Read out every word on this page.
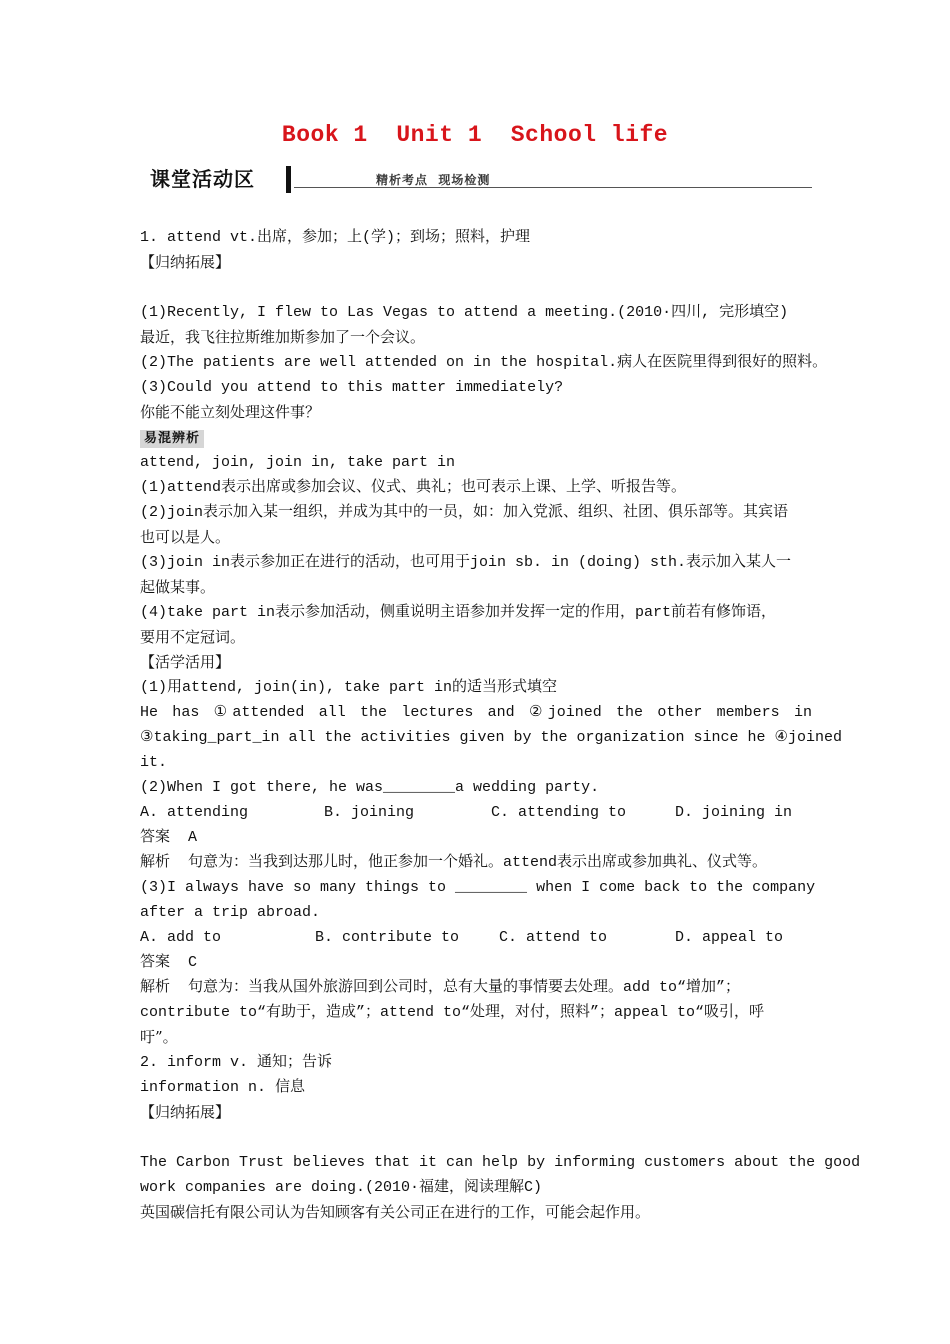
Book 1  Unit 1  School life
课堂活动区	精析考点  现场检测
1. attend vt.出席，参加；上(学)；到场；照料，护理
【归纳拓展】
(1)Recently, I flew to Las Vegas to attend a meeting.(2010·四川, 完形填空)
最近，我飞往拉斯维加斯参加了一个会议。
(2)The patients are well attended on in the hospital.病人在医院里得到很好的照料。
(3)Could you attend to this matter immediately?
你能不能立刻处理这件事？
易混辨析
attend, join, join in, take part in
(1)attend表示出席或参加会议、仪式、典礼；也可表示上课、上学、听报告等。
(2)join表示加入某一组织，并成为其中的一员，如：加入党派、组织、社团、俱乐部等。其宾语
也可以是人。
(3)join in表示参加正在进行的活动，也可用于join sb. in (doing) sth.表示加入某人一
起做某事。
(4)take part in表示参加活动，侧重说明主语参加并发挥一定的作用，part前若有修饰语，
要用不定冠词。
【活学活用】
(1)用attend, join(in), take part in的适当形式填空
He has ①attended all the lectures and ②joined the other members in
③taking_part_in all the activities given by the organization since he ④joined
it.
(2)When I got there, he was________a wedding party.
A. attending	B. joining	C. attending to	D. joining in
答案  A
解析  句意为：当我到达那儿时，他正参加一个婚礼。attend表示出席或参加典礼、仪式等。
(3)I always have so many things to ________ when I come back to the company
after a trip abroad.
A. add to	B. contribute to	C. attend to	D. appeal to
答案  C
解析  句意为：当我从国外旅游回到公司时，总有大量的事情要去处理。add to“增加”；
contribute to“有助于，造成”；attend to“处理，对付，照料”；appeal to“吸引，呼
吁”。
2. inform v. 通知；告诉
information n. 信息
【归纳拓展】
The Carbon Trust believes that it can help by informing customers about the good
work companies are doing.(2010·福建，阅读理解C)
英国碳信托有限公司认为告知顾客有关公司正在进行的工作，可能会起作用。
